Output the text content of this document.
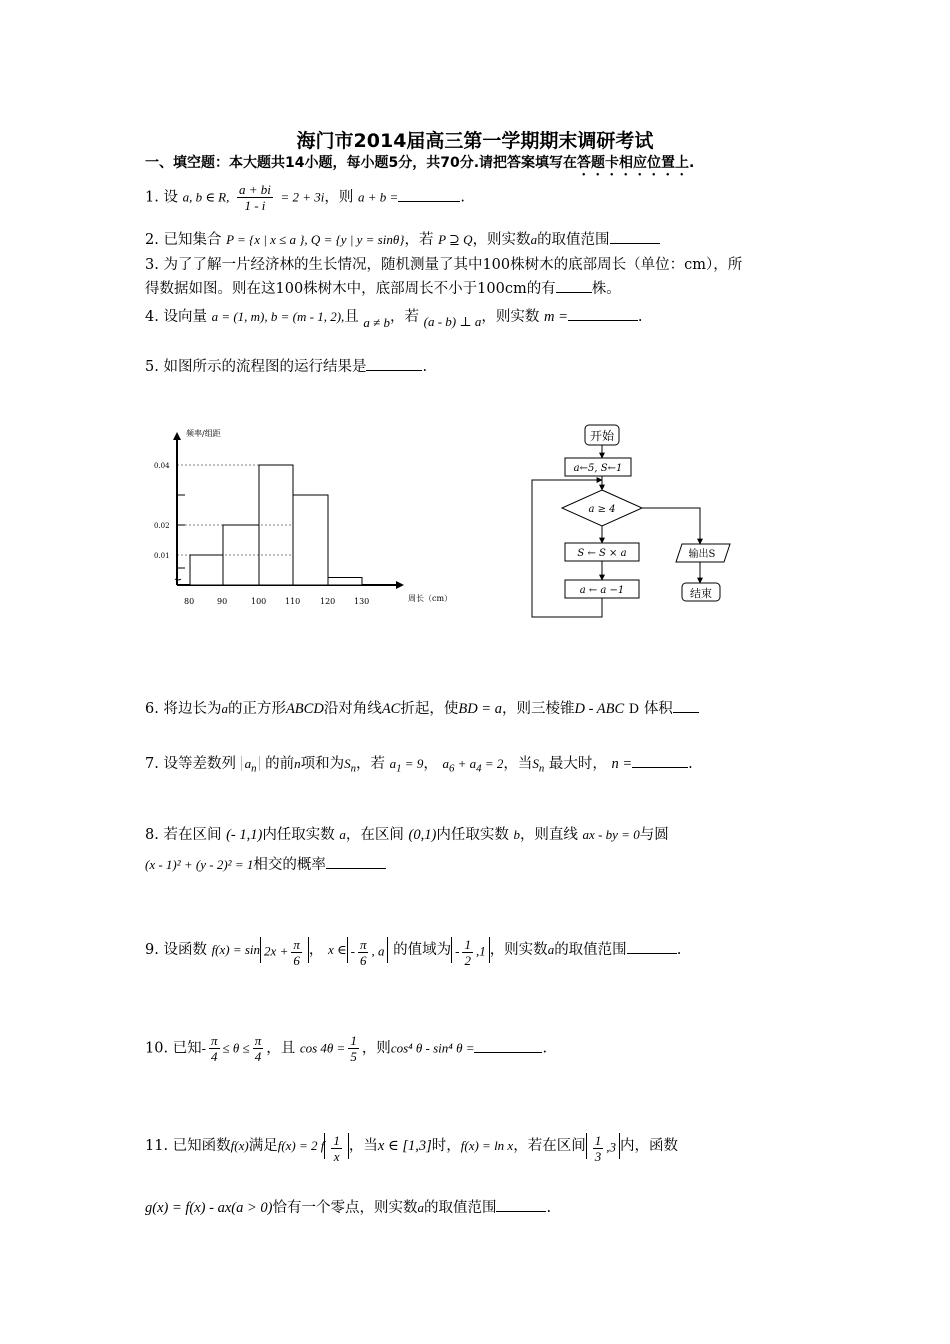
海门市2014届高三第一学期期末调研考试
一、填空题：本大题共14小题，每小题5分，共70分.请把答案填写在答题卡相应位置上.
1. 设 a, b ∈ R, $\frac{a + bi}{1 - i} = 2 + 3i$，则 a + b =	.
2. 已知集合 P = {x | x ≤ a }, Q = {y | y = sinθ}，若 P ⊇ Q，则实数a的取值范围
3. 为了了解一片经济林的生长情况，随机测量了其中100株树木的底部周长（单位：cm），所
得数据如图。则在这100株树木中，底部周长不小于100cm的有 株。
4. 设向量 a = (1, m), b = (m - 1, 2),且 a ≠ b，若 (a - b) ⊥ a，则实数 m =	.
5. 如图所示的流程图的运行结果是	.
频率/组距
周长（cm）
80	90	100 110 120 130
0.01
0.02
0.04
开始
a←5, S←1
a ≥ 4
S ← S × a
a ← a −1
输出S
结束
6. 将边长为a的正方形ABCD沿对角线AC折起，使BD = a，则三棱锥D - ABC D 体积
7. 设等差数列 $a_n$ 的前n项和为$S_n$，若 $a_1 = 9$， $a_6 + a_4 = 2$，当$S_n$ 最大时， n =	.
8. 若在区间 (- 1,1)内任取实数 a，在区间 (0,1)内任取实数 b，则直线 ax - by = 0与圆
(x - 1)² + (y - 2)² = 1相交的概率
9. 设函数 $f(x) = \sin 2x + \frac{\pi}{6}$ ， x ∈ - $\frac{\pi}{6}$ , a 的值域为 - $\frac{1}{2} ,1$ ，则实数a的取值范围	.
10. 已知- $\frac{\pi}{4} \le \theta \le \frac{\pi}{4}$ ，且 $\cos 4\theta = \frac{1}{5}$ ，则cos⁴ θ - sin⁴ θ =	.
11. 已知函数f(x)满足f(x) = 2 f $\frac{1}{x}$ ，当x ∈ [1,3]时，f(x) = ln x，若在区间 $\frac{1}{3} ,3$ 内，函数
g(x) = f(x) - ax(a > 0)恰有一个零点，则实数a的取值范围	.
